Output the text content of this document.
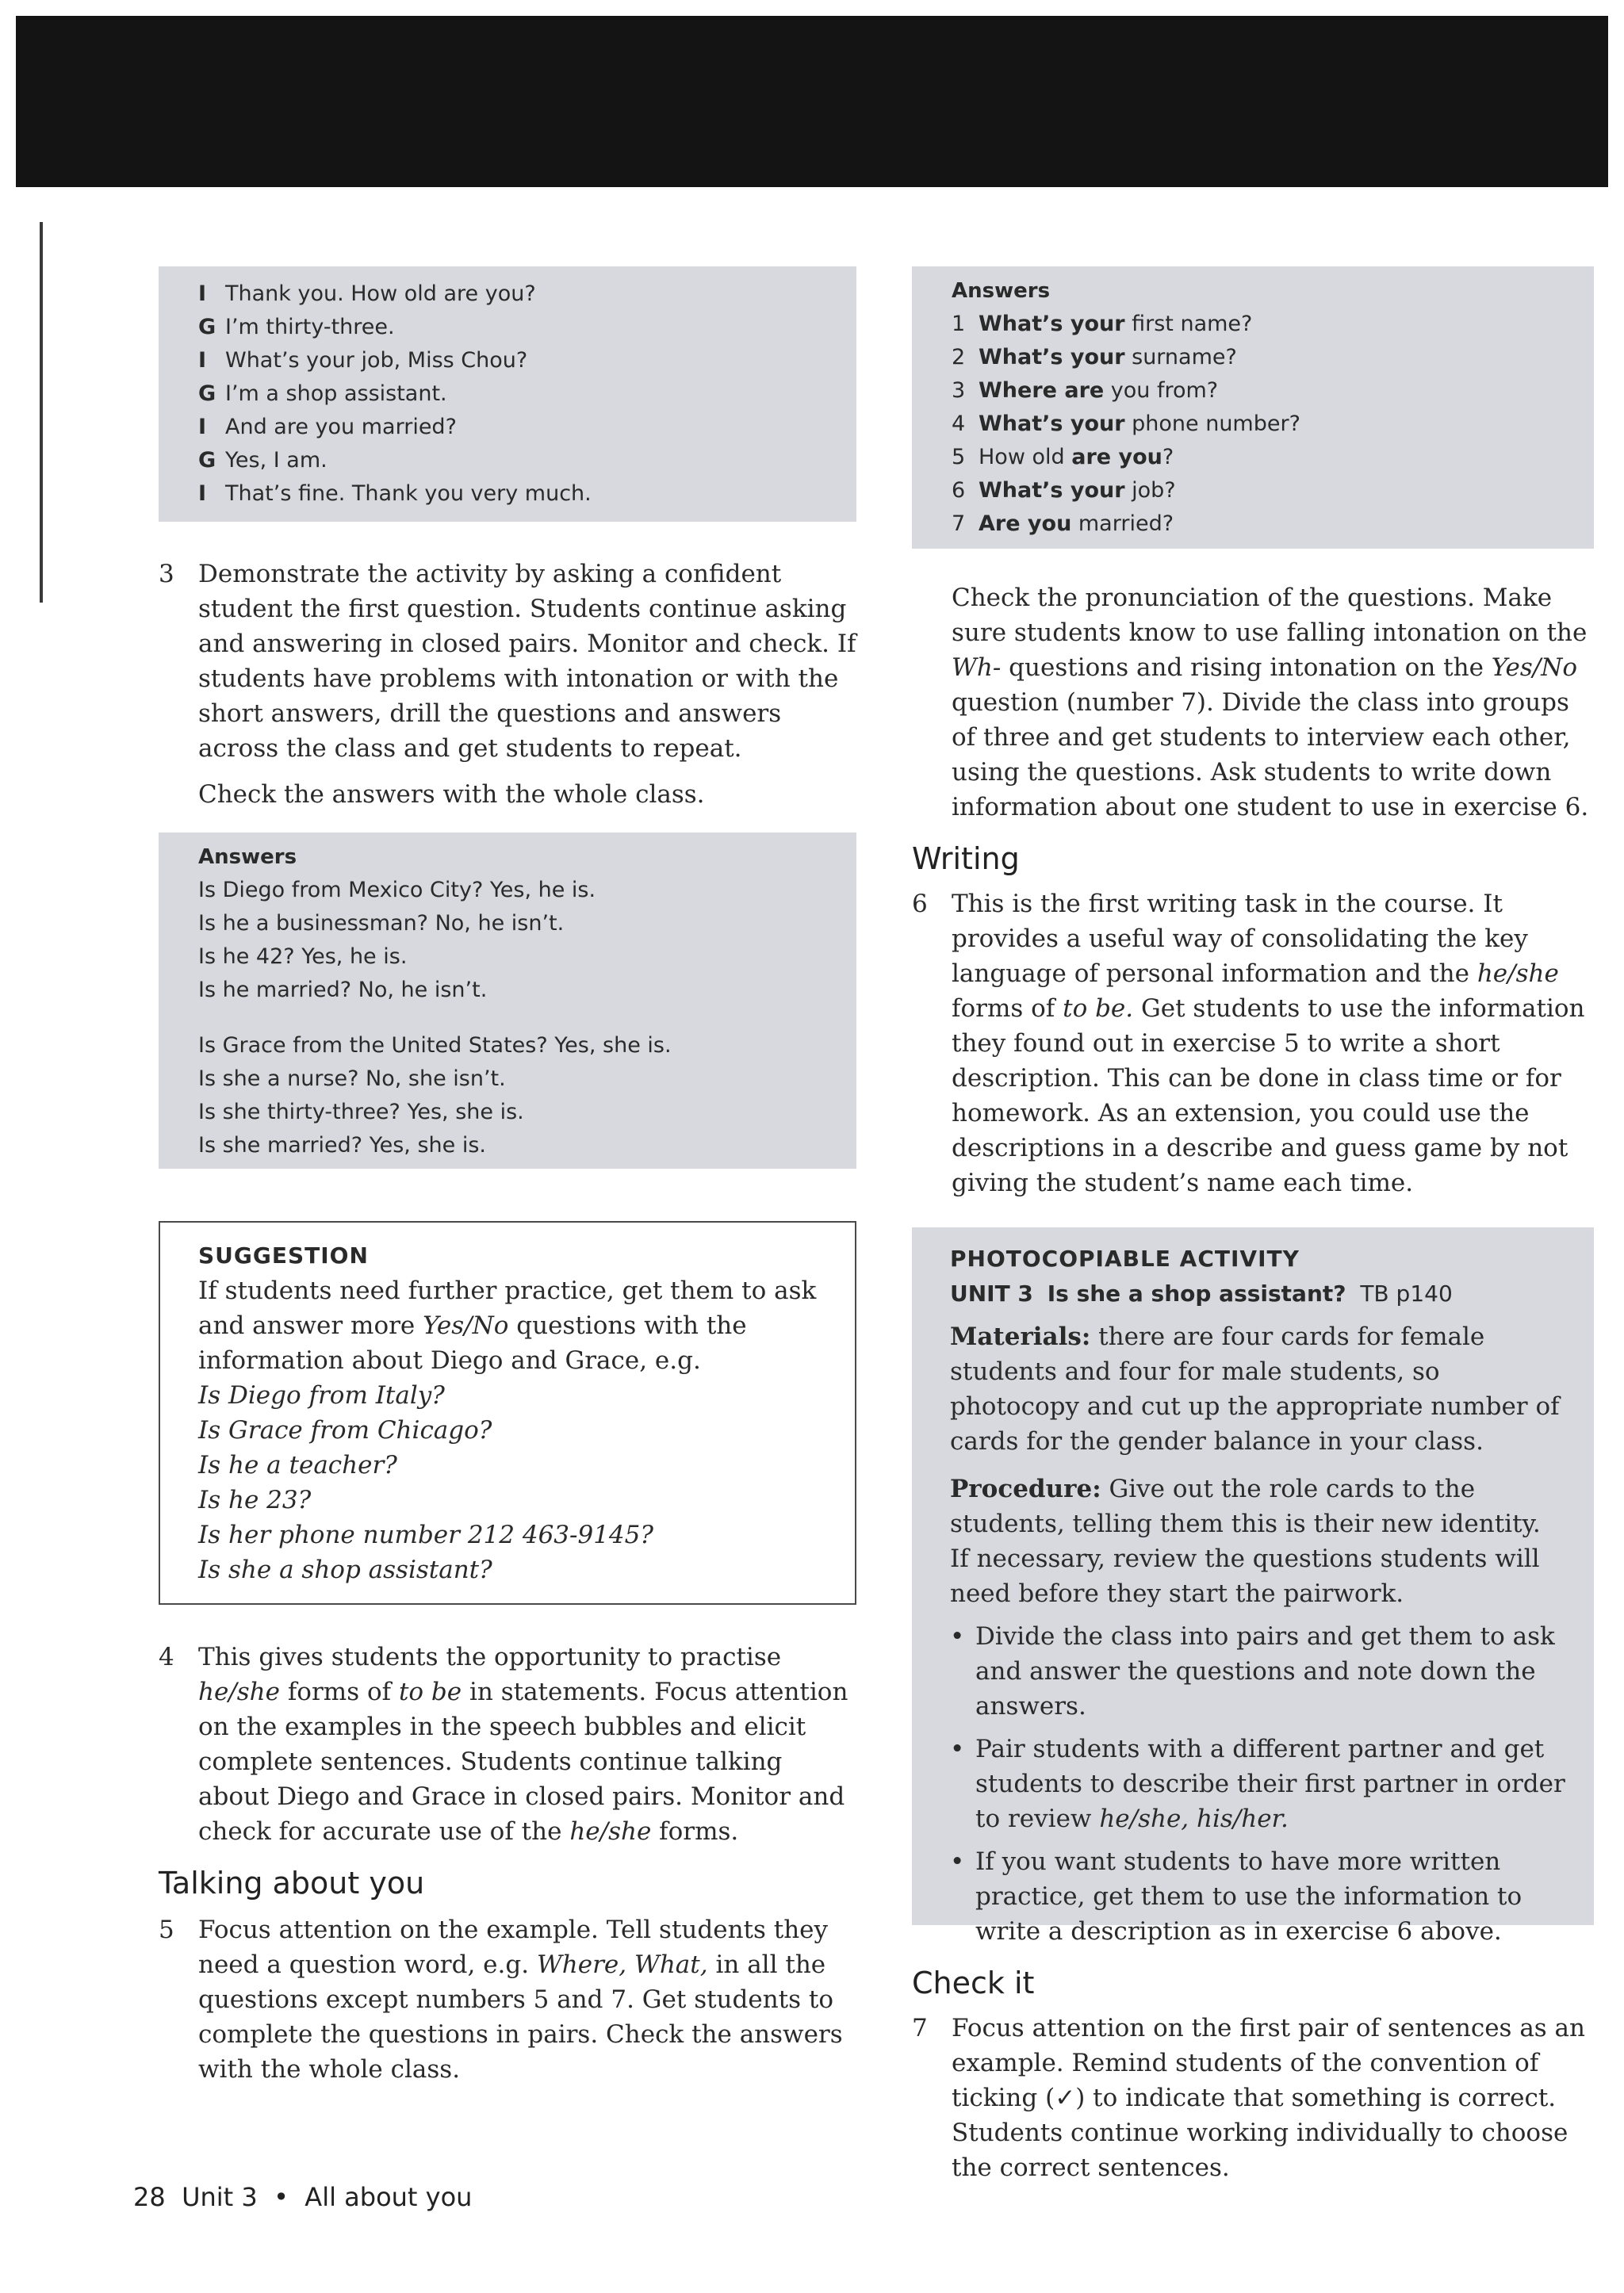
I Thank you. How old are you?
G I’m thirty-three.
I What’s your job, Miss Chou?
G I’m a shop assistant.
I And are you married?
G Yes, I am.
I That’s fine. Thank you very much.
3 Demonstrate the activity by asking a confident student the first question. Students continue asking and answering in closed pairs. Monitor and check. If students have problems with intonation or with the short answers, drill the questions and answers across the class and get students to repeat.
Check the answers with the whole class.
Answers
Is Diego from Mexico City? Yes, he is.
Is he a businessman? No, he isn’t.
Is he 42? Yes, he is.
Is he married? No, he isn’t.
Is Grace from the United States? Yes, she is.
Is she a nurse? No, she isn’t.
Is she thirty-three? Yes, she is.
Is she married? Yes, she is.
SUGGESTION
If students need further practice, get them to ask and answer more Yes/No questions with the information about Diego and Grace, e.g.
Is Diego from Italy?
Is Grace from Chicago?
Is he a teacher?
Is he 23?
Is her phone number 212 463-9145?
Is she a shop assistant?
4 This gives students the opportunity to practise he/she forms of to be in statements. Focus attention on the examples in the speech bubbles and elicit complete sentences. Students continue talking about Diego and Grace in closed pairs. Monitor and check for accurate use of the he/she forms.
Talking about you
5 Focus attention on the example. Tell students they need a question word, e.g. Where, What, in all the questions except numbers 5 and 7. Get students to complete the questions in pairs. Check the answers with the whole class.
Answers
1 What’s your first name?
2 What’s your surname?
3 Where are you from?
4 What’s your phone number?
5 How old are you?
6 What’s your job?
7 Are you married?
Check the pronunciation of the questions. Make sure students know to use falling intonation on the Wh- questions and rising intonation on the Yes/No question (number 7). Divide the class into groups of three and get students to interview each other, using the questions. Ask students to write down information about one student to use in exercise 6.
Writing
6 This is the first writing task in the course. It provides a useful way of consolidating the key language of personal information and the he/she forms of to be. Get students to use the information they found out in exercise 5 to write a short description. This can be done in class time or for homework. As an extension, you could use the descriptions in a describe and guess game by not giving the student’s name each time.
PHOTOCOPIABLE ACTIVITY
UNIT 3 Is she a shop assistant? TB p140
Materials: there are four cards for female students and four for male students, so photocopy and cut up the appropriate number of cards for the gender balance in your class.
Procedure: Give out the role cards to the students, telling them this is their new identity. If necessary, review the questions students will need before they start the pairwork.
• Divide the class into pairs and get them to ask and answer the questions and note down the answers.
• Pair students with a different partner and get students to describe their first partner in order to review he/she, his/her.
• If you want students to have more written practice, get them to use the information to write a description as in exercise 6 above.
Check it
7 Focus attention on the first pair of sentences as an example. Remind students of the convention of ticking (✓) to indicate that something is correct. Students continue working individually to choose the correct sentences.
28 Unit 3 • All about you
